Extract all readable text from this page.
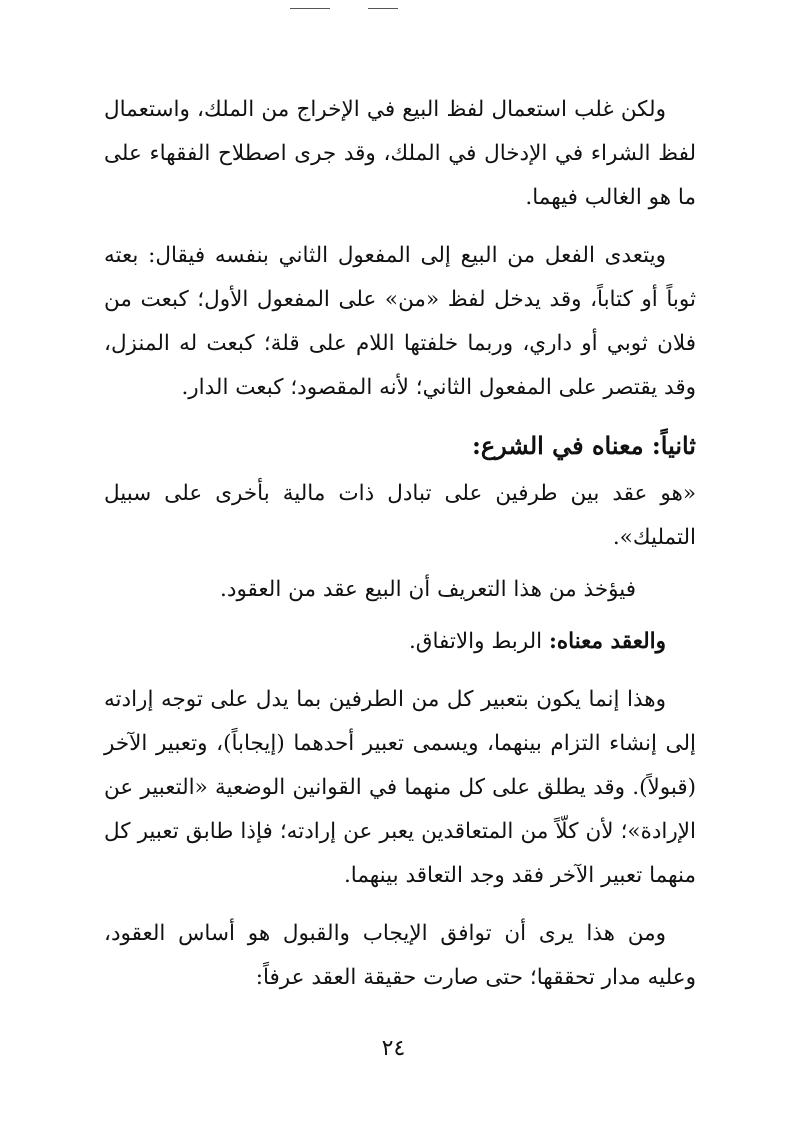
ولكن غلب استعمال لفظ البيع في الإخراج من الملك، واستعمال لفظ الشراء في الإدخال في الملك، وقد جرى اصطلاح الفقهاء على ما هو الغالب فيهما.

ويتعدى الفعل من البيع إلى المفعول الثاني بنفسه فيقال: بعته ثوباً أو كتاباً، وقد يدخل لفظ «من» على المفعول الأول؛ كبعت من فلان ثوبي أو داري، وربما خلفتها اللام على قلة؛ كبعت له المنزل، وقد يقتصر على المفعول الثاني؛ لأنه المقصود؛ كبعت الدار.

ثانياً: معناه في الشرع:

«هو عقد بين طرفين على تبادل ذات مالية بأخرى على سبيل التمليك».

فيؤخذ من هذا التعريف أن البيع عقد من العقود.

والعقد معناه: الربط والاتفاق.

وهذا إنما يكون بتعبير كل من الطرفين بما يدل على توجه إرادته إلى إنشاء التزام بينهما، ويسمى تعبير أحدهما (إيجاباً)، وتعبير الآخر (قبولاً). وقد يطلق على كل منهما في القوانين الوضعية «التعبير عن الإرادة»؛ لأن كلّاً من المتعاقدين يعبر عن إرادته؛ فإذا طابق تعبير كل منهما تعبير الآخر فقد وجد التعاقد بينهما.

ومن هذا يرى أن توافق الإيجاب والقبول هو أساس العقود، وعليه مدار تحققها؛ حتى صارت حقيقة العقد عرفاً:

٢٤
